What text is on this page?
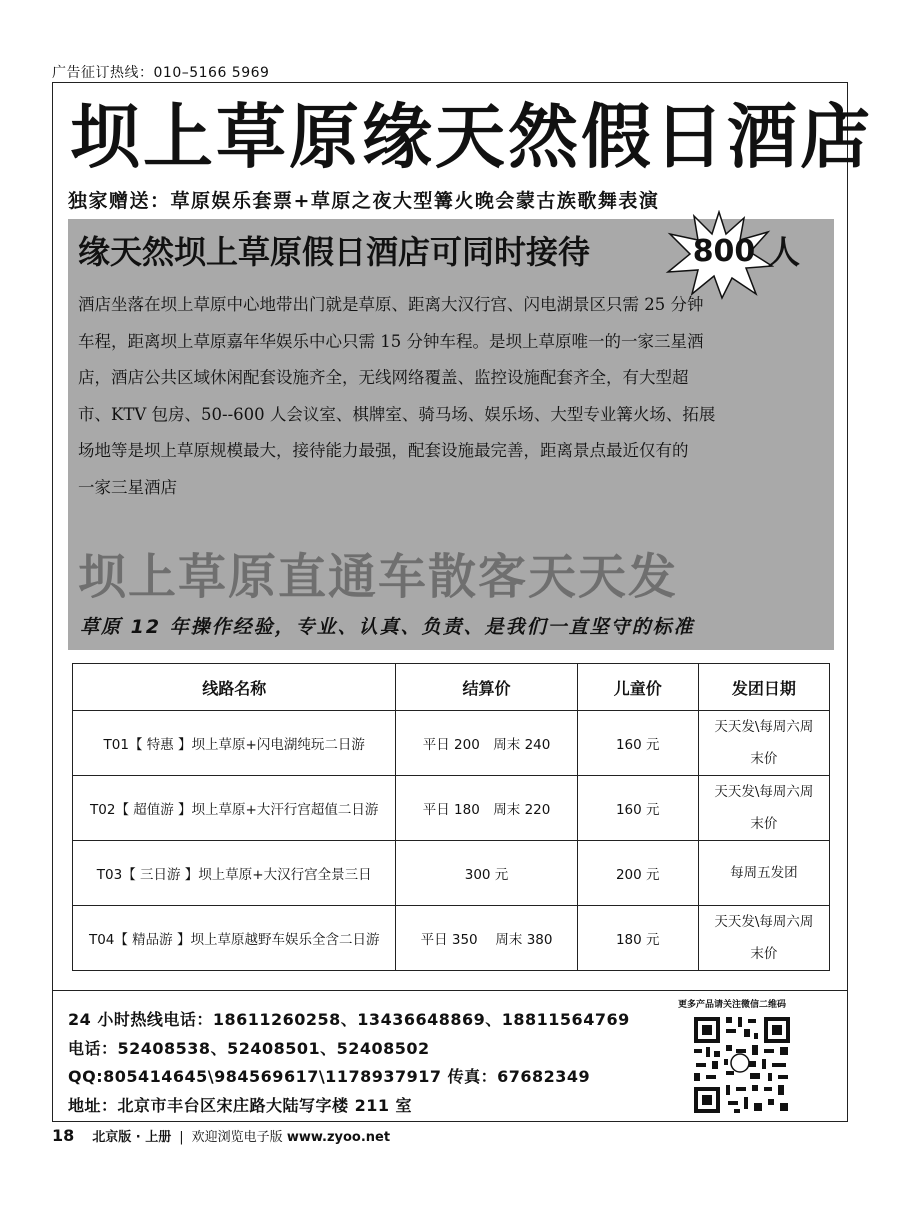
广告征订热线：010–5166 5969
坝上草原缘天然假日酒店
独家赠送：草原娱乐套票+草原之夜大型篝火晚会蒙古族歌舞表演
缘天然坝上草原假日酒店可同时接待	800 人
酒店坐落在坝上草原中心地带出门就是草原、距离大汉行宫、闪电湖景区只需 25 分钟
车程，距离坝上草原嘉年华娱乐中心只需 15 分钟车程。是坝上草原唯一的一家三星酒
店，酒店公共区域休闲配套设施齐全，无线网络覆盖、监控设施配套齐全，有大型超
市、KTV 包房、50--600 人会议室、棋牌室、骑马场、娱乐场、大型专业篝火场、拓展
场地等是坝上草原规模最大，接待能力最强，配套设施最完善，距离景点最近仅有的
一家三星酒店
坝上草原直通车散客天天发
草原 12 年操作经验，专业、认真、负责、是我们一直坚守的标准
线路名称	结算价	儿童价	发团日期
T01【 特惠 】坝上草原+闪电湖纯玩二日游	平日 200　周末 240	160 元	天天发\每周六周
末价

T02【 超值游 】坝上草原+大汗行宫超值二日游	平日 180　周末 220	160 元	天天发\每周六周
末价

T03【 三日游 】坝上草原+大汉行宫全景三日	300 元	200 元	每周五发团

T04【 精品游 】坝上草原越野车娱乐全含二日游	平日 350　 周末 380	180 元	天天发\每周六周
末价
24 小时热线电话：18611260258、13436648869、18811564769
电话：52408538、52408501、52408502
QQ:805414645\984569617\1178937917 传真：67682349
地址：北京市丰台区宋庄路大陆写字楼 211 室
更多产品请关注微信二维码
18 北京版 · 上册 | 欢迎浏览电子版 www.zyoo.net
